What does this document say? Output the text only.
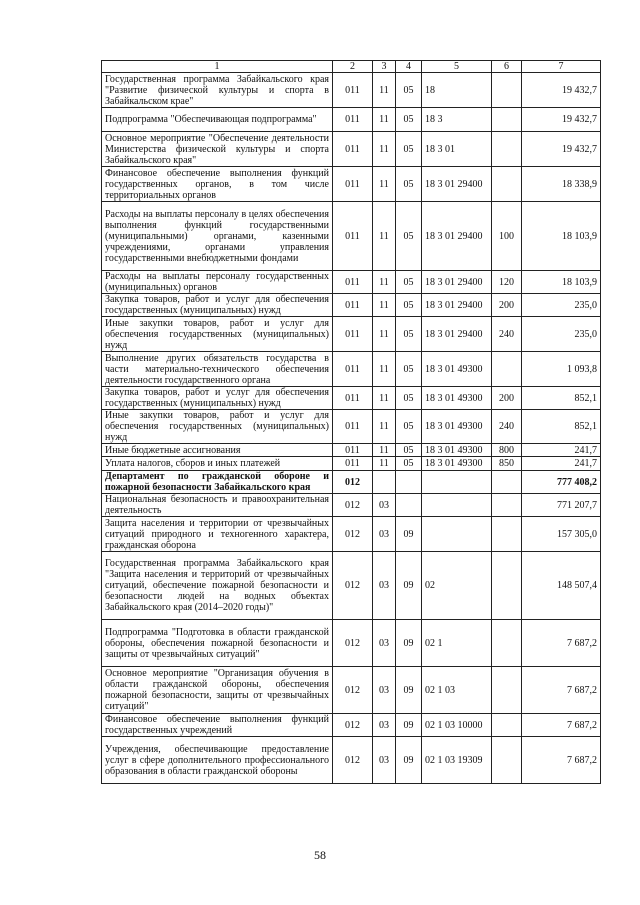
1	2	3	4	5	6	7
Государственная программа Забайкальского края "Развитие физической культуры и спорта в Забайкальском крае"	011	11	05	18		19 432,7
Подпрограмма "Обеспечивающая подпрограмма"	011	11	05	18 3		19 432,7
Основное мероприятие "Обеспечение деятельности Министерства физической культуры и спорта Забайкальского края"	011	11	05	18 3 01		19 432,7
Финансовое обеспечение выполнения функций государственных органов, в том числе территориальных органов	011	11	05	18 3 01 29400		18 338,9
Расходы на выплаты персоналу в целях обеспечения выполнения функций государственными (муниципальными) органами, казенными учреждениями, органами управления государственными внебюджетными фондами	011	11	05	18 3 01 29400	100	18 103,9
Расходы на выплаты персоналу государственных (муниципальных) органов	011	11	05	18 3 01 29400	120	18 103,9
Закупка товаров, работ и услуг для обеспечения государственных (муниципальных) нужд	011	11	05	18 3 01 29400	200	235,0
Иные закупки товаров, работ и услуг для обеспечения государственных (муниципальных) нужд	011	11	05	18 3 01 29400	240	235,0
Выполнение других обязательств государства в части материально-технического обеспечения деятельности государственного органа	011	11	05	18 3 01 49300		1 093,8
Закупка товаров, работ и услуг для обеспечения государственных (муниципальных) нужд	011	11	05	18 3 01 49300	200	852,1
Иные закупки товаров, работ и услуг для обеспечения государственных (муниципальных) нужд	011	11	05	18 3 01 49300	240	852,1
Иные бюджетные ассигнования	011	11	05	18 3 01 49300	800	241,7
Уплата налогов, сборов и иных платежей	011	11	05	18 3 01 49300	850	241,7
Департамент по гражданской обороне и пожарной безопасности Забайкальского края	012					777 408,2
Национальная безопасность и правоохранительная деятельность	012	03				771 207,7
Защита населения и территории от чрезвычайных ситуаций природного и техногенного характера, гражданская оборона	012	03	09			157 305,0
Государственная программа Забайкальского края "Защита населения и территорий от чрезвычайных ситуаций, обеспечение пожарной безопасности и безопасности людей на водных объектах Забайкальского края (2014–2020 годы)"	012	03	09	02		148 507,4
Подпрограмма "Подготовка в области гражданской обороны, обеспечения пожарной безопасности и защиты от чрезвычайных ситуаций"	012	03	09	02 1		7 687,2
Основное мероприятие "Организация обучения в области гражданской обороны, обеспечения пожарной безопасности, защиты от чрезвычайных ситуаций"	012	03	09	02 1 03		7 687,2
Финансовое обеспечение выполнения функций государственных учреждений	012	03	09	02 1 03 10000		7 687,2
Учреждения, обеспечивающие предоставление услуг в сфере дополнительного профессионального образования в области гражданской обороны	012	03	09	02 1 03 19309		7 687,2
58
